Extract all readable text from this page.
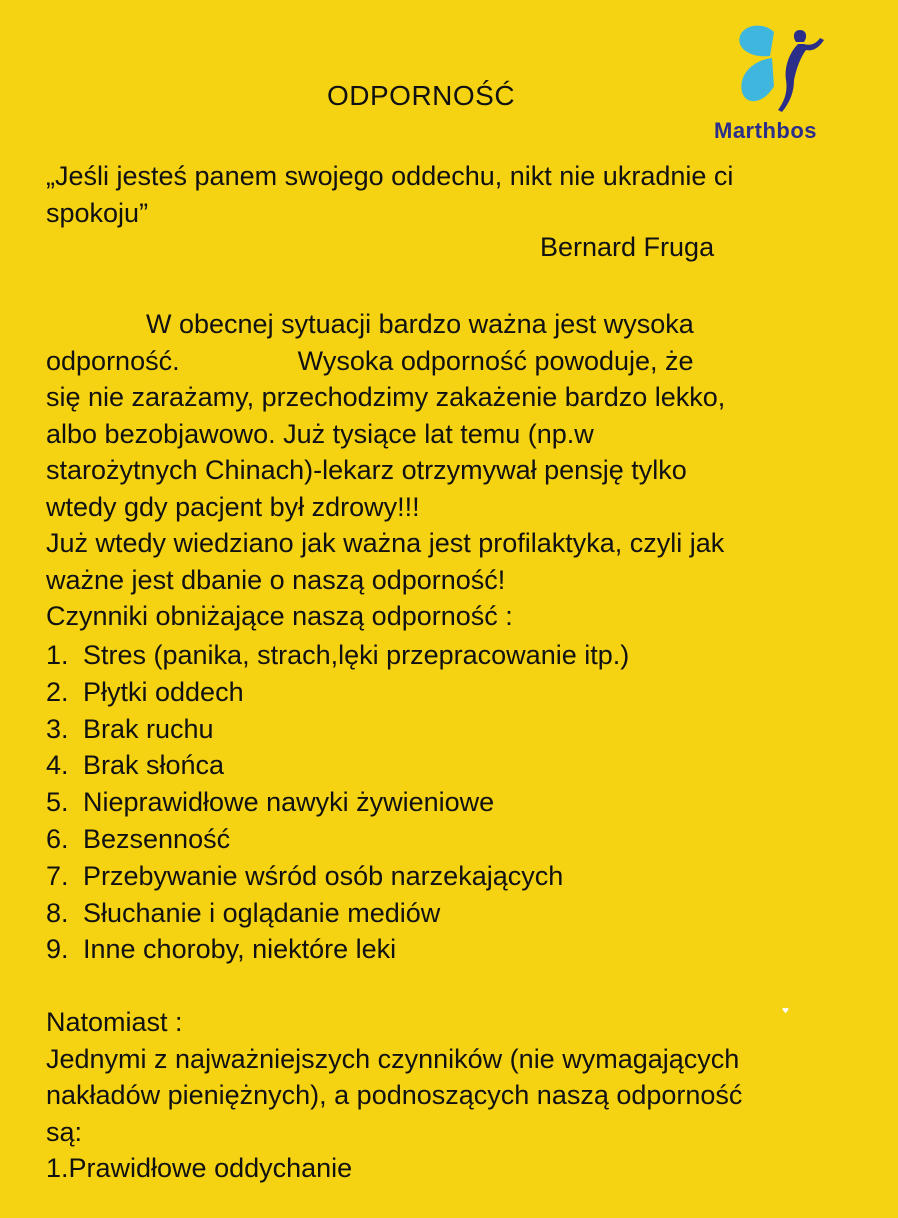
ODPORNOŚĆ
Marthbos
„Jeśli jesteś panem swojego oddechu, nikt nie ukradnie ci
spokoju”
Bernard Fruga
W obecnej sytuacji bardzo ważna jest wysoka
odporność.	Wysoka odporność powoduje, że
się nie zarażamy, przechodzimy zakażenie bardzo lekko,
albo bezobjawowo. Już tysiące lat temu (np.w
starożytnych Chinach)-lekarz otrzymywał pensję tylko
wtedy gdy pacjent był zdrowy!!!
Już wtedy wiedziano jak ważna jest profilaktyka, czyli jak
ważne jest dbanie o naszą odporność!
Czynniki obniżające naszą odporność :
1. Stres (panika, strach,lęki przepracowanie itp.)
2. Płytki oddech
3. Brak ruchu
4. Brak słońca
5. Nieprawidłowe nawyki żywieniowe
6. Bezsenność
7. Przebywanie wśród osób narzekających
8. Słuchanie i oglądanie mediów
9. Inne choroby, niektóre leki
Natomiast :
Jednymi z najważniejszych czynników (nie wymagających
nakładów pieniężnych), a podnoszących naszą odporność
są:
1.Prawidłowe oddychanie
